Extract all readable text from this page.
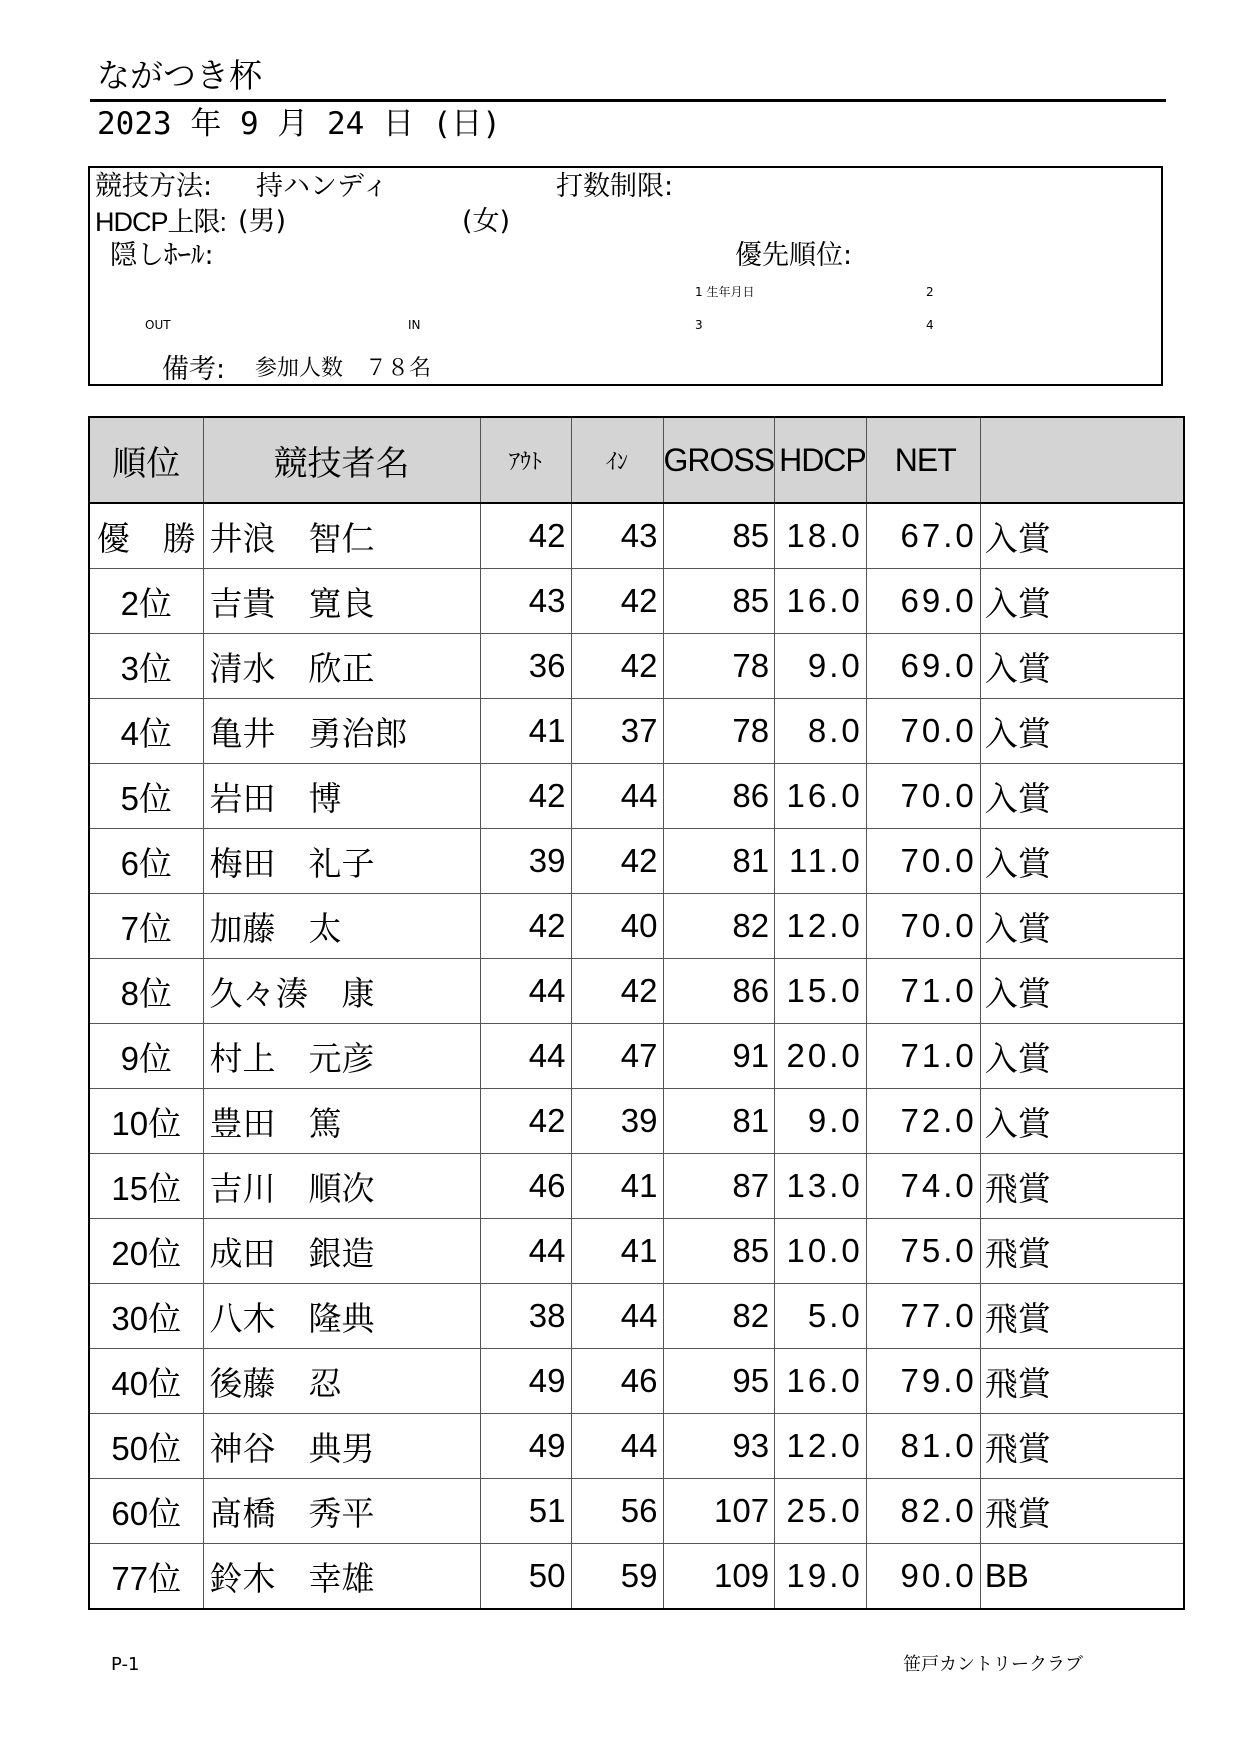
ながつき杯
2023 年 9 月 24 日 (日)
競技方法: 持ハンディ	打数制限:
HDCP上限: (男)	(女)
隠しﾎｰﾙ:	優先順位:
1 生年月日	2
OUT	IN	3	4
備考: 参加人数　７８名
順位	競技者名	ｱｳﾄ	ｲﾝ	GROSS	HDCP	NET	
優　勝	井浪　智仁	42	43	85	18.0	67.0	入賞
2位	吉貴　寛良	43	42	85	16.0	69.0	入賞
3位	清水　欣正	36	42	78	9.0	69.0	入賞
4位	亀井　勇治郎	41	37	78	8.0	70.0	入賞
5位	岩田　博	42	44	86	16.0	70.0	入賞
6位	梅田　礼子	39	42	81	11.0	70.0	入賞
7位	加藤　太	42	40	82	12.0	70.0	入賞
8位	久々湊　康	44	42	86	15.0	71.0	入賞
9位	村上　元彦	44	47	91	20.0	71.0	入賞
10位	豊田　篤	42	39	81	9.0	72.0	入賞
15位	吉川　順次	46	41	87	13.0	74.0	飛賞
20位	成田　銀造	44	41	85	10.0	75.0	飛賞
30位	八木　隆典	38	44	82	5.0	77.0	飛賞
40位	後藤　忍	49	46	95	16.0	79.0	飛賞
50位	神谷　典男	49	44	93	12.0	81.0	飛賞
60位	髙橋　秀平	51	56	107	25.0	82.0	飛賞
77位	鈴木　幸雄	50	59	109	19.0	90.0	BB
P-1	笹戸カントリークラブ
